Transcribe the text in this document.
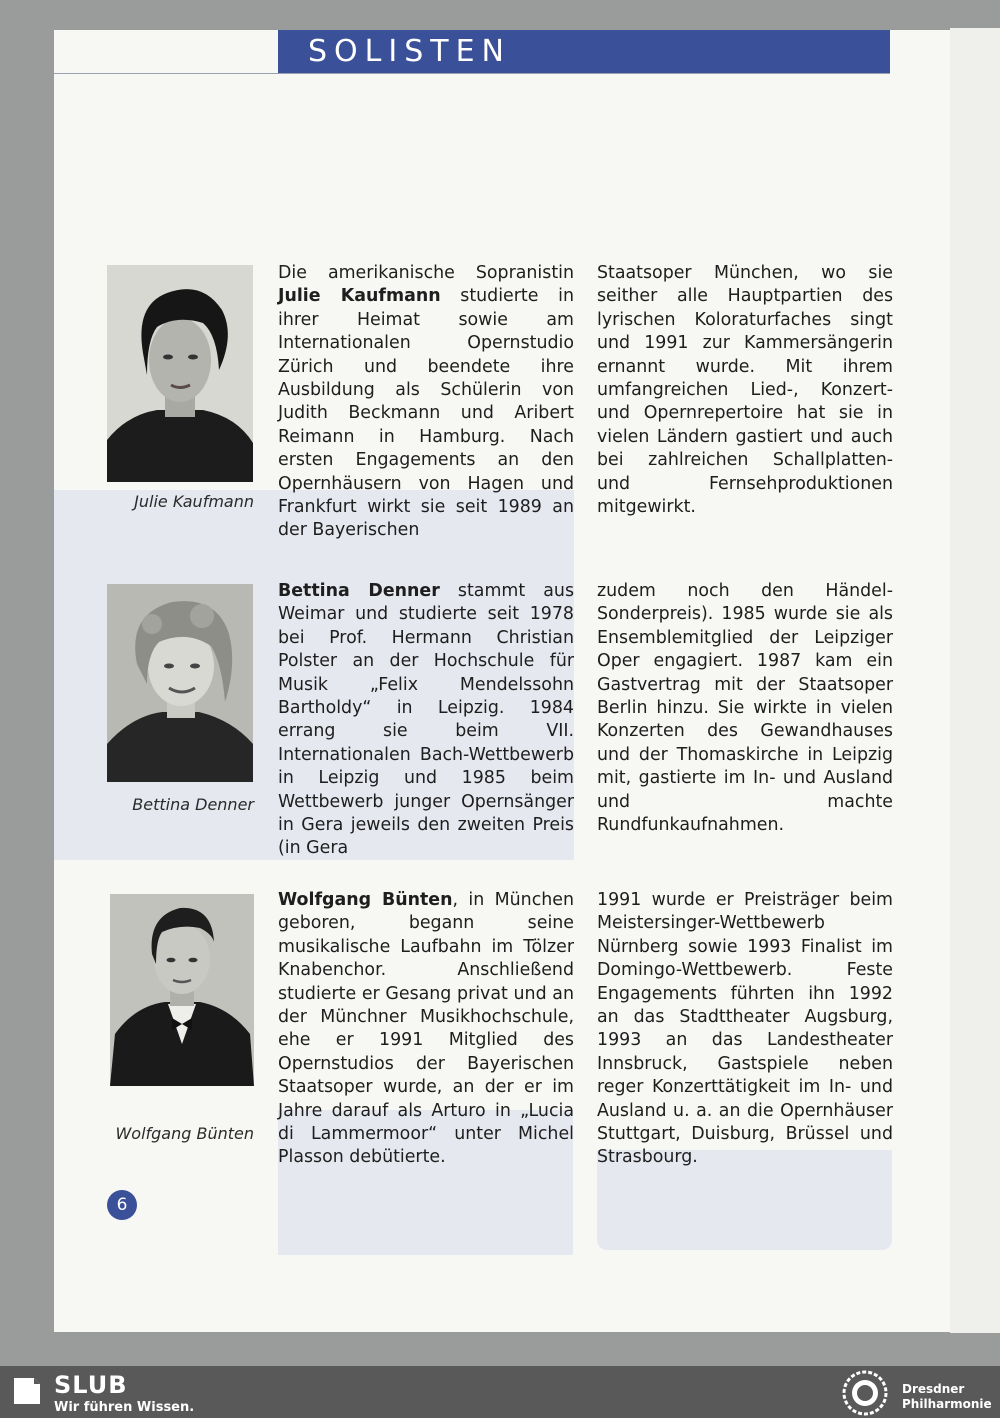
SOLISTEN
Julie Kaufmann
Die amerikanische Sopranistin Julie Kaufmann studierte in ihrer Heimat sowie am Internationalen Opernstudio Zürich und beendete ihre Ausbildung als Schülerin von Judith Beckmann und Aribert Reimann in Hamburg. Nach ersten Engagements an den Opernhäusern von Hagen und Frankfurt wirkt sie seit 1989 an der Bayerischen
Staatsoper München, wo sie seither alle Hauptpartien des lyrischen Koloraturfaches singt und 1991 zur Kammersängerin ernannt wurde. Mit ihrem umfangreichen Lied-, Konzert- und Opernrepertoire hat sie in vielen Ländern gastiert und auch bei zahlreichen Schallplatten- und Fernsehproduktionen mitgewirkt.
Bettina Denner
Bettina Denner stammt aus Weimar und studierte seit 1978 bei Prof. Hermann Christian Polster an der Hochschule für Musik „Felix Mendelssohn Bartholdy“ in Leipzig. 1984 errang sie beim VII. Internationalen Bach-Wettbewerb in Leipzig und 1985 beim Wettbewerb junger Opernsänger in Gera jeweils den zweiten Preis (in Gera
zudem noch den Händel-Sonderpreis). 1985 wurde sie als Ensemblemitglied der Leipziger Oper engagiert. 1987 kam ein Gastvertrag mit der Staatsoper Berlin hinzu. Sie wirkte in vielen Konzerten des Gewandhauses und der Thomaskirche in Leipzig mit, gastierte im In- und Ausland und machte Rundfunkaufnahmen.
Wolfgang Bünten
Wolfgang Bünten, in München geboren, begann seine musikalische Laufbahn im Tölzer Knabenchor. Anschließend studierte er Gesang privat und an der Münchner Musikhochschule, ehe er 1991 Mitglied des Opernstudios der Bayerischen Staatsoper wurde, an der er im Jahre darauf als Arturo in „Lucia di Lammermoor“ unter Michel Plasson debütierte.
1991 wurde er Preisträger beim Meistersinger-Wettbewerb Nürnberg sowie 1993 Finalist im Domingo-Wettbewerb. Feste Engagements führten ihn 1992 an das Stadttheater Augsburg, 1993 an das Landestheater Innsbruck, Gastspiele neben reger Konzerttätigkeit im In- und Ausland u. a. an die Opernhäuser Stuttgart, Duisburg, Brüssel und Strasbourg.
6
SLUB
Wir führen Wissen.
Dresdner
Philharmonie
